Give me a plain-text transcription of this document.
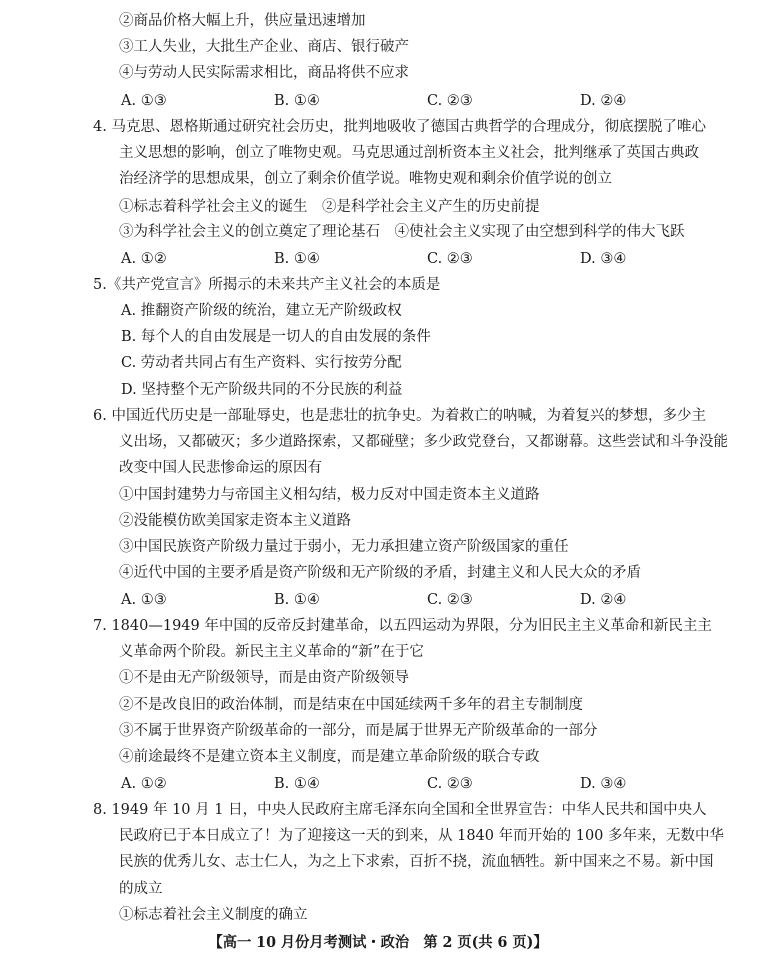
②商品价格大幅上升，供应量迅速增加
③工人失业，大批生产企业、商店、银行破产
④与劳动人民实际需求相比，商品将供不应求
A. ①③	B. ①④	C. ②③	D. ②④
4. 马克思、恩格斯通过研究社会历史，批判地吸收了德国古典哲学的合理成分，彻底摆脱了唯心
主义思想的影响，创立了唯物史观。马克思通过剖析资本主义社会，批判继承了英国古典政
治经济学的思想成果，创立了剩余价值学说。唯物史观和剩余价值学说的创立
①标志着科学社会主义的诞生　②是科学社会主义产生的历史前提
③为科学社会主义的创立奠定了理论基石　④使社会主义实现了由空想到科学的伟大飞跃
A. ①②	B. ①④	C. ②③	D. ③④
5.《共产党宣言》所揭示的未来共产主义社会的本质是
A. 推翻资产阶级的统治，建立无产阶级政权
B. 每个人的自由发展是一切人的自由发展的条件
C. 劳动者共同占有生产资料、实行按劳分配
D. 坚持整个无产阶级共同的不分民族的利益
6. 中国近代历史是一部耻辱史，也是悲壮的抗争史。为着救亡的呐喊，为着复兴的梦想，多少主
义出场，又都破灭；多少道路探索，又都碰壁；多少政党登台，又都谢幕。这些尝试和斗争没能
改变中国人民悲惨命运的原因有
①中国封建势力与帝国主义相勾结，极力反对中国走资本主义道路
②没能模仿欧美国家走资本主义道路
③中国民族资产阶级力量过于弱小，无力承担建立资产阶级国家的重任
④近代中国的主要矛盾是资产阶级和无产阶级的矛盾，封建主义和人民大众的矛盾
A. ①③	B. ①④	C. ②③	D. ②④
7. 1840—1949 年中国的反帝反封建革命，以五四运动为界限，分为旧民主主义革命和新民主主
义革命两个阶段。新民主主义革命的“新”在于它
①不是由无产阶级领导，而是由资产阶级领导
②不是改良旧的政治体制，而是结束在中国延续两千多年的君主专制制度
③不属于世界资产阶级革命的一部分，而是属于世界无产阶级革命的一部分
④前途最终不是建立资本主义制度，而是建立革命阶级的联合专政
A. ①②	B. ①④	C. ②③	D. ③④
8. 1949 年 10 月 1 日，中央人民政府主席毛泽东向全国和全世界宣告：中华人民共和国中央人
民政府已于本日成立了！为了迎接这一天的到来，从 1840 年而开始的 100 多年来，无数中华
民族的优秀儿女、志士仁人，为之上下求索，百折不挠，流血牺牲。新中国来之不易。新中国
的成立
①标志着社会主义制度的确立
【高一 10 月份月考测试・政治　第 2 页(共 6 页)】
